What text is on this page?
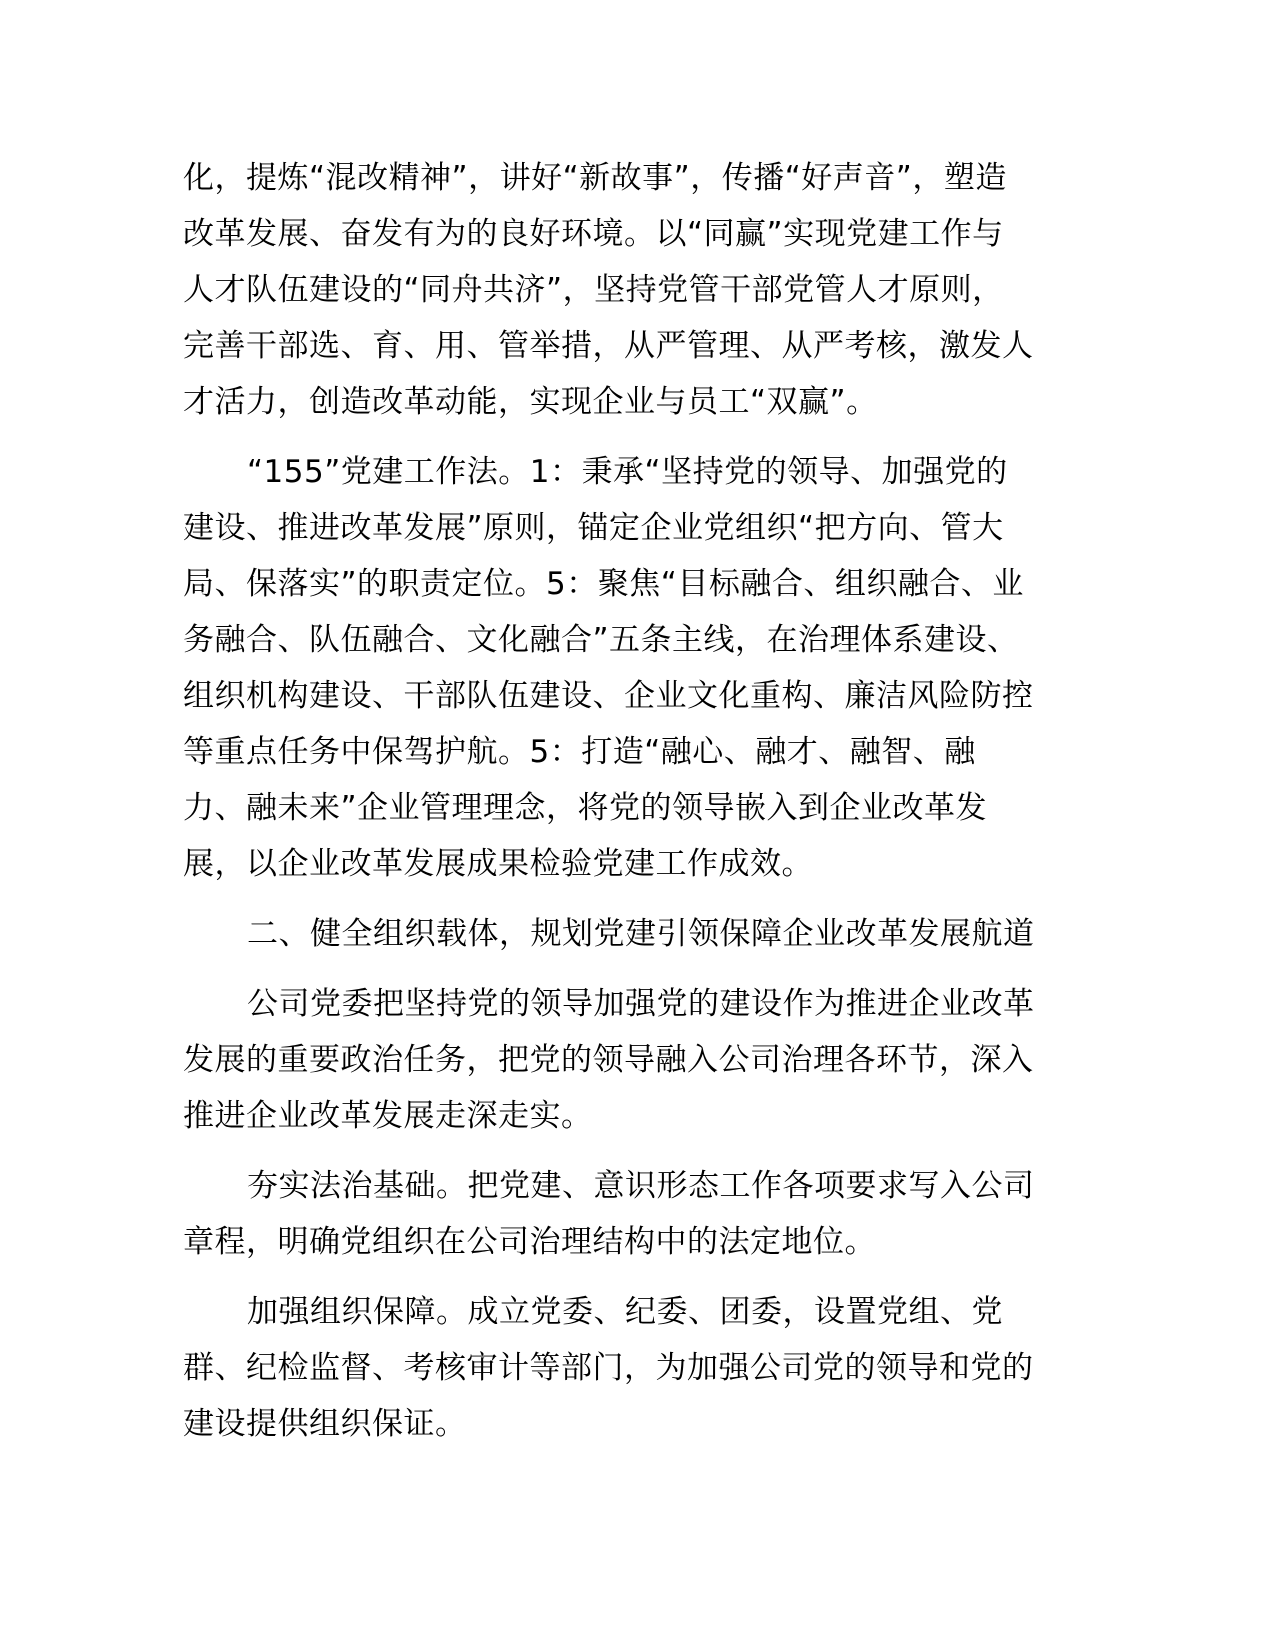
化，提炼“混改精神”，讲好“新故事”，传播“好声音”，塑造
改革发展、奋发有为的良好环境。以“同赢”实现党建工作与
人才队伍建设的“同舟共济”，坚持党管干部党管人才原则，
完善干部选、育、用、管举措，从严管理、从严考核，激发人
才活力，创造改革动能，实现企业与员工“双赢”。
“155”党建工作法。1：秉承“坚持党的领导、加强党的
建设、推进改革发展”原则，锚定企业党组织“把方向、管大
局、保落实”的职责定位。5：聚焦“目标融合、组织融合、业
务融合、队伍融合、文化融合”五条主线，在治理体系建设、
组织机构建设、干部队伍建设、企业文化重构、廉洁风险防控
等重点任务中保驾护航。5：打造“融心、融才、融智、融
力、融未来”企业管理理念，将党的领导嵌入到企业改革发
展，以企业改革发展成果检验党建工作成效。
二、健全组织载体，规划党建引领保障企业改革发展航道
公司党委把坚持党的领导加强党的建设作为推进企业改革
发展的重要政治任务，把党的领导融入公司治理各环节，深入
推进企业改革发展走深走实。
夯实法治基础。把党建、意识形态工作各项要求写入公司
章程，明确党组织在公司治理结构中的法定地位。
加强组织保障。成立党委、纪委、团委，设置党组、党
群、纪检监督、考核审计等部门，为加强公司党的领导和党的
建设提供组织保证。
